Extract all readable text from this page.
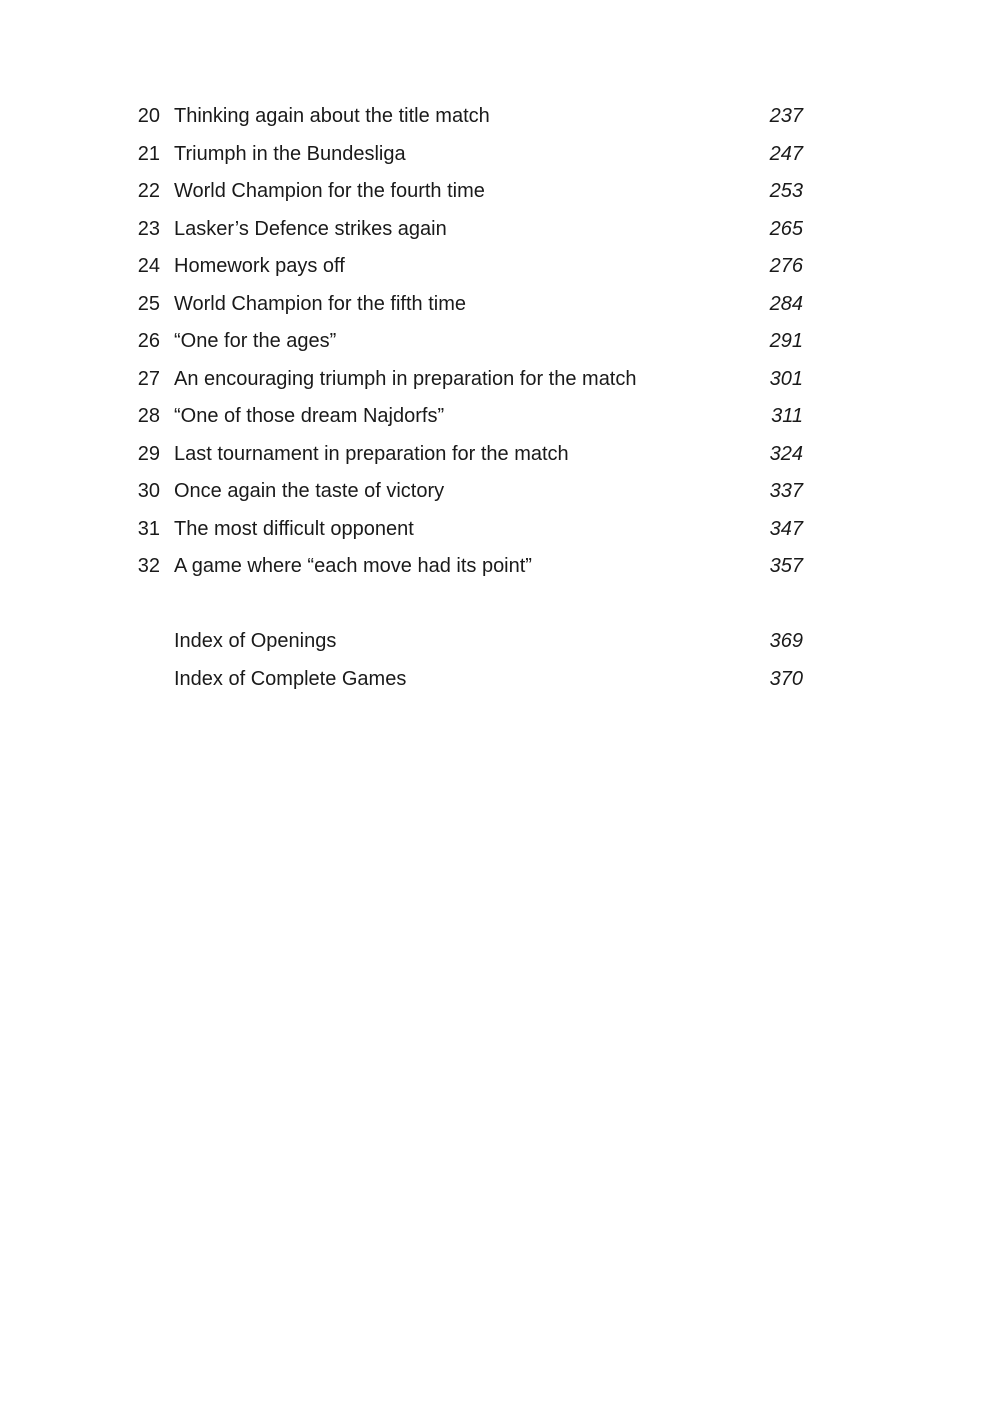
20 Thinking again about the title match	237
21 Triumph in the Bundesliga	247
22 World Champion for the fourth time	253
23 Lasker’s Defence strikes again	265
24 Homework pays off	276
25 World Champion for the fifth time	284
26 “One for the ages”	291
27 An encouraging triumph in preparation for the match	301
28 “One of those dream Najdorfs”	311
29 Last tournament in preparation for the match	324
30 Once again the taste of victory	337
31 The most difficult opponent	347
32 A game where “each move had its point”	357
Index of Openings	369
Index of Complete Games	370
